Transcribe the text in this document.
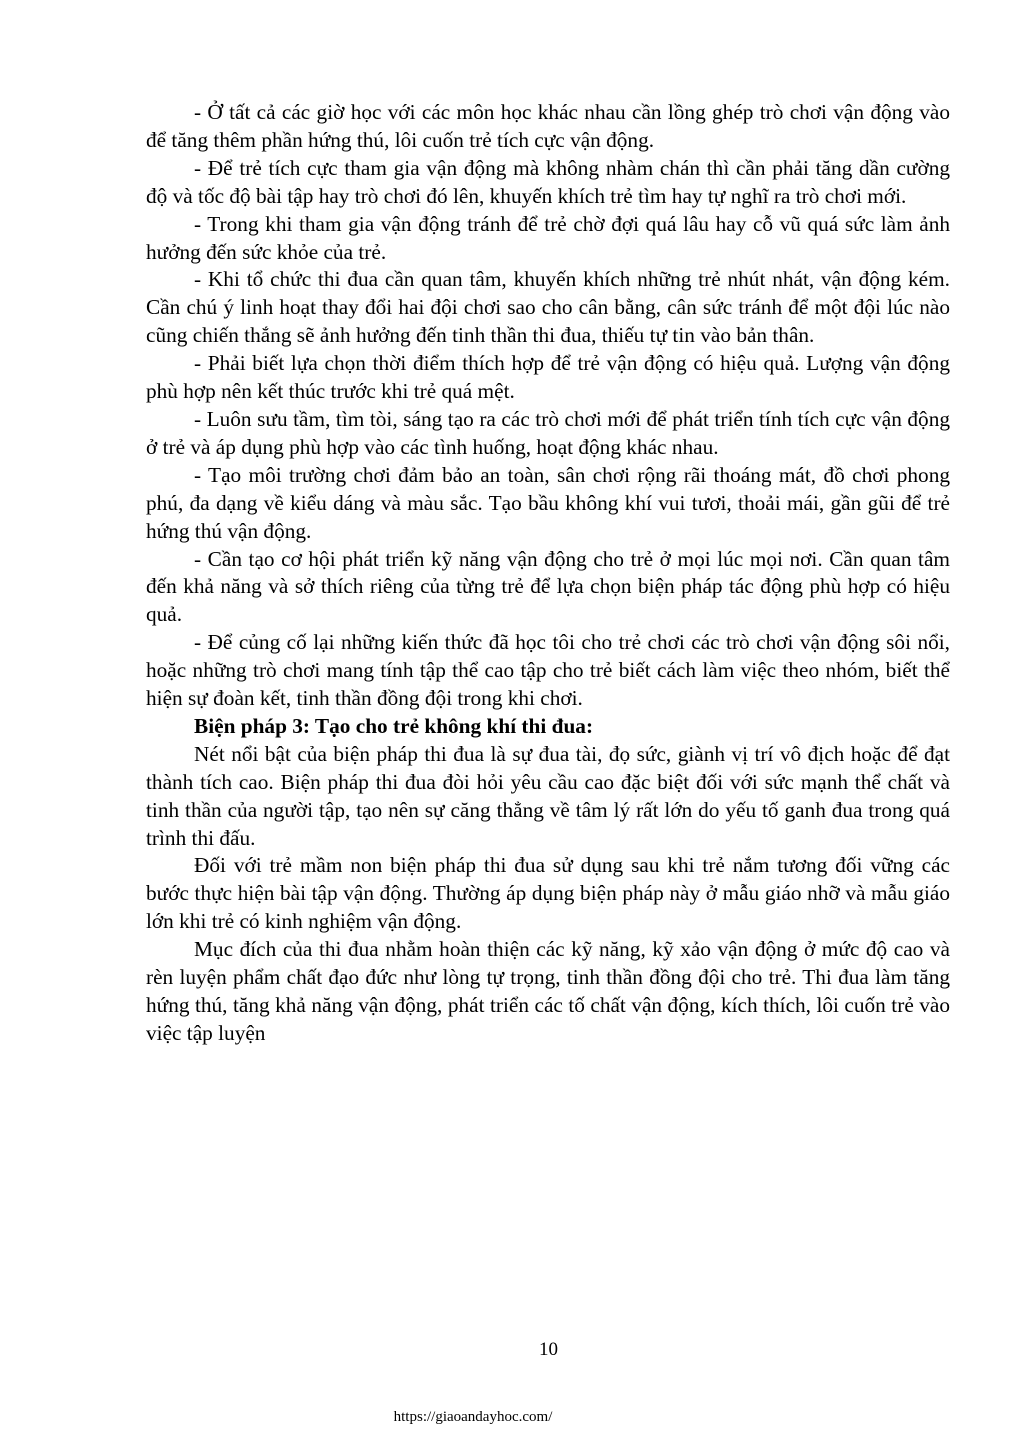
- Ở tất cả các giờ học với các môn học khác nhau cần lồng ghép trò chơi vận động vào để tăng thêm phần hứng thú, lôi cuốn trẻ tích cực vận động.

- Để trẻ tích cực tham gia vận động mà không nhàm chán thì cần phải tăng dần cường độ và tốc độ bài tập hay trò chơi đó lên, khuyến khích trẻ tìm hay tự nghĩ ra trò chơi mới.

- Trong khi tham gia vận động tránh để trẻ chờ đợi quá lâu hay cỗ vũ quá sức làm ảnh hưởng đến sức khỏe của trẻ.

- Khi tổ chức thi đua cần quan tâm, khuyến khích những trẻ nhút nhát, vận động kém. Cần chú ý linh hoạt thay đổi hai đội chơi sao cho cân bằng, cân sức tránh để một đội lúc nào cũng chiến thắng sẽ ảnh hưởng đến tinh thần thi đua, thiếu tự tin vào bản thân.

- Phải biết lựa chọn thời điểm thích hợp để trẻ vận động có hiệu quả. Lượng vận động phù hợp nên kết thúc trước khi trẻ quá mệt.

- Luôn sưu tầm, tìm tòi, sáng tạo ra các trò chơi mới để phát triển tính tích cực vận động ở trẻ và áp dụng phù hợp vào các tình huống, hoạt động khác nhau.

- Tạo môi trường chơi đảm bảo an toàn, sân chơi rộng rãi thoáng mát, đồ chơi phong phú, đa dạng về kiểu dáng và màu sắc. Tạo bầu không khí vui tươi, thoải mái, gần gũi để trẻ hứng thú vận động.

- Cần tạo cơ hội phát triển kỹ năng vận động cho trẻ ở mọi lúc mọi nơi. Cần quan tâm đến khả năng và sở thích riêng của từng trẻ để lựa chọn biện pháp tác động phù hợp có hiệu quả.

- Để củng cố lại những kiến thức đã học tôi cho trẻ chơi các trò chơi vận động sôi nổi, hoặc những trò chơi mang tính tập thể cao tập cho trẻ biết cách làm việc theo nhóm, biết thể hiện sự đoàn kết, tinh thần đồng đội trong khi chơi.

Biện pháp 3: Tạo cho trẻ không khí thi đua:

Nét nổi bật của biện pháp thi đua là sự đua tài, đọ sức, giành vị trí vô địch hoặc để đạt thành tích cao. Biện pháp thi đua đòi hỏi yêu cầu cao đặc biệt đối với sức mạnh thể chất và tinh thần của người tập, tạo nên sự căng thẳng về tâm lý rất lớn do yếu tố ganh đua trong quá trình thi đấu.

Đối với trẻ mầm non biện pháp thi đua sử dụng sau khi trẻ nắm tương đối vững các bước thực hiện bài tập vận động. Thường áp dụng biện pháp này ở mẫu giáo nhỡ và mẫu giáo lớn khi trẻ có kinh nghiệm vận động.

Mục đích của thi đua nhằm hoàn thiện các kỹ năng, kỹ xảo vận động ở mức độ cao và rèn luyện phẩm chất đạo đức như lòng tự trọng, tinh thần đồng đội cho trẻ. Thi đua làm tăng hứng thú, tăng khả năng vận động, phát triển các tố chất vận động, kích thích, lôi cuốn trẻ vào việc tập luyện

10
https://giaoandayhoc.com/
